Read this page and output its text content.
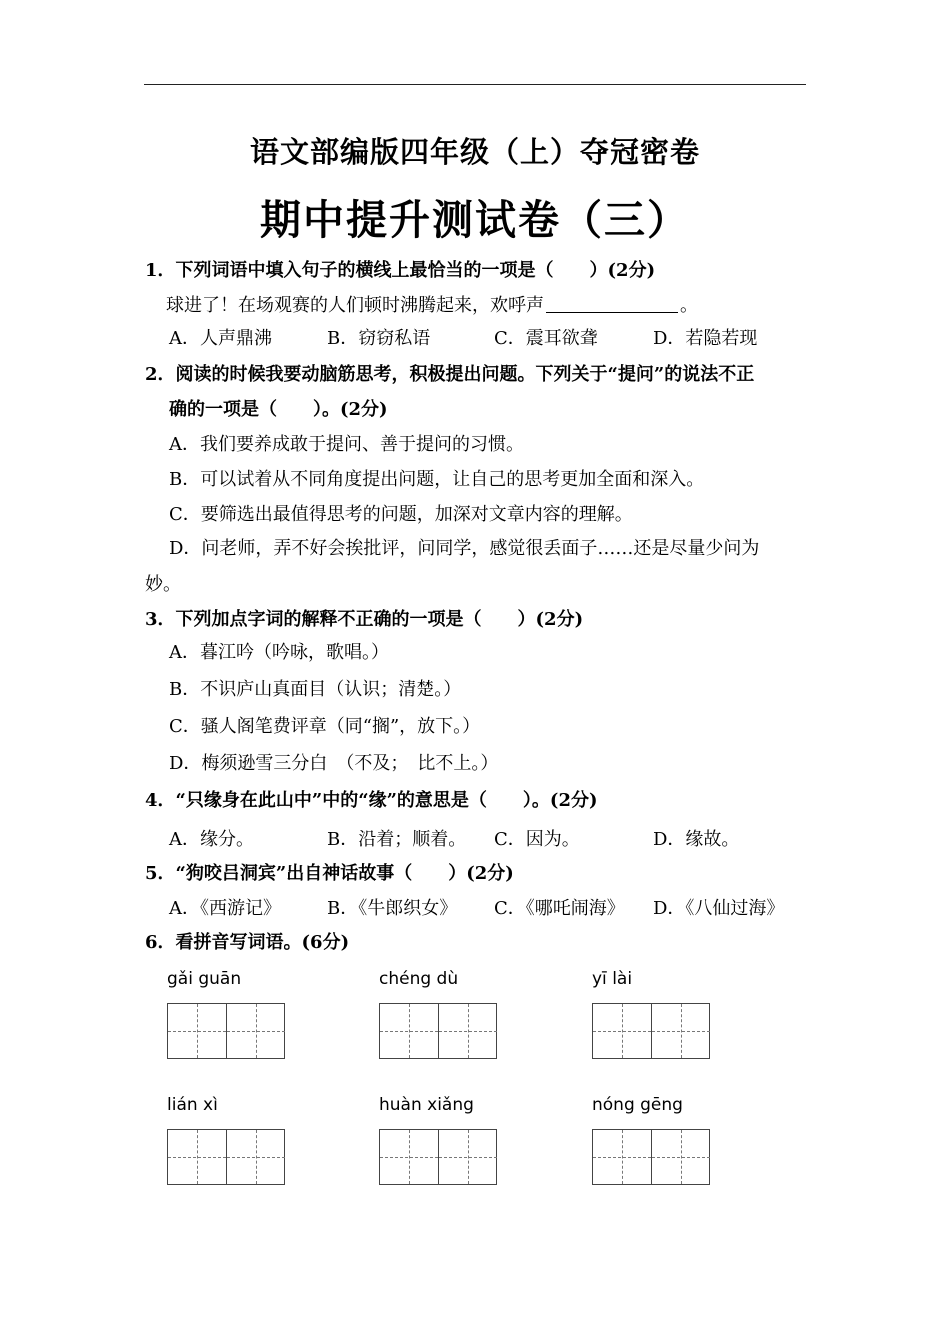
语文部编版四年级（上）夺冠密卷
期中提升测试卷（三）
1．下列词语中填入句子的横线上最恰当的一项是（　　）(2分)
球进了！在场观赛的人们顿时沸腾起来，欢呼声	。
A．人声鼎沸	B．窃窃私语	C．震耳欲聋	D．若隐若现
2．阅读的时候我要动脑筋思考，积极提出问题。下列关于“提问”的说法不正
确的一项是（　　）。(2分)
A．我们要养成敢于提问、善于提问的习惯。
B．可以试着从不同角度提出问题，让自己的思考更加全面和深入。
C．要筛选出最值得思考的问题，加深对文章内容的理解。
D．问老师，弄不好会挨批评，问同学，感觉很丢面子……还是尽量少问为
妙。
3．下列加点字词的解释不正确的一项是（　　）(2分)
A．暮江吟（吟咏，歌唱。）
B．不识庐山真面目（认识；清楚。）
C．骚人阁笔费评章（同“搁”，放下。）
D．梅须逊雪三分白　（不及；　比不上。）
4．“只缘身在此山中”中的“缘”的意思是（　　）。(2分)
A．缘分。	B．沿着；顺着。 C．因为。	D．缘故。
5．“狗咬吕洞宾”出自神话故事（　　）(2分)
A．《西游记》	B．《牛郎织女》 C．《哪吒闹海》 D．《八仙过海》
6．看拼音写词语。(6分)
gǎi guān	chéng dù	yī lài
lián xì	huàn xiǎng	nóng gēng
